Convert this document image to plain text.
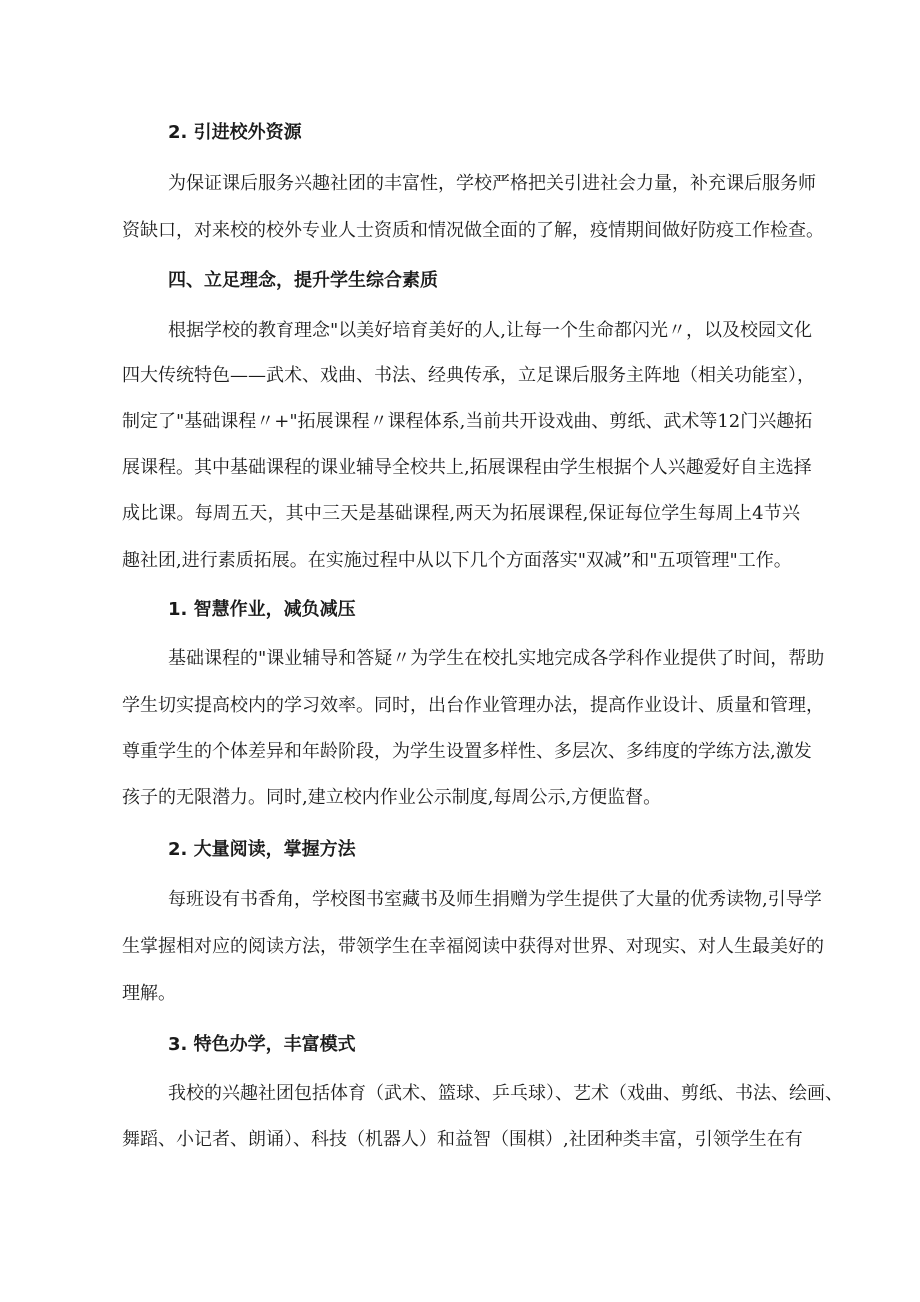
2. 引进校外资源
为保证课后服务兴趣社团的丰富性，学校严格把关引进社会力量，补充课后服务师
资缺口，对来校的校外专业人士资质和情况做全面的了解，疫情期间做好防疫工作检查。
四、立足理念，提升学生综合素质
根据学校的教育理念"以美好培育美好的人,让每一个生命都闪光〃，以及校园文化
四大传统特色——武术、戏曲、书法、经典传承，立足课后服务主阵地（相关功能室），
制定了"基础课程〃+"拓展课程〃课程体系,当前共开设戏曲、剪纸、武术等12门兴趣拓
展课程。其中基础课程的课业辅导全校共上,拓展课程由学生根据个人兴趣爱好自主选择
成比课。每周五天，其中三天是基础课程,两天为拓展课程,保证每位学生每周上4节兴
趣社团,进行素质拓展。在实施过程中从以下几个方面落实"双减”和"五项管理"工作。
1. 智慧作业，减负减压
基础课程的"课业辅导和答疑〃为学生在校扎实地完成各学科作业提供了时间，帮助
学生切实提高校内的学习效率。同时，出台作业管理办法，提高作业设计、质量和管理，
尊重学生的个体差异和年龄阶段，为学生设置多样性、多层次、多纬度的学练方法,激发
孩子的无限潜力。同时,建立校内作业公示制度,每周公示,方便监督。
2. 大量阅读，掌握方法
每班设有书香角，学校图书室藏书及师生捐赠为学生提供了大量的优秀读物,引导学
生掌握相对应的阅读方法，带领学生在幸福阅读中获得对世界、对现实、对人生最美好的
理解。
3. 特色办学，丰富模式
我校的兴趣社团包括体育（武术、篮球、乒乓球）、艺术（戏曲、剪纸、书法、绘画、
舞蹈、小记者、朗诵）、科技（机器人）和益智（围棋）,社团种类丰富，引领学生在有
